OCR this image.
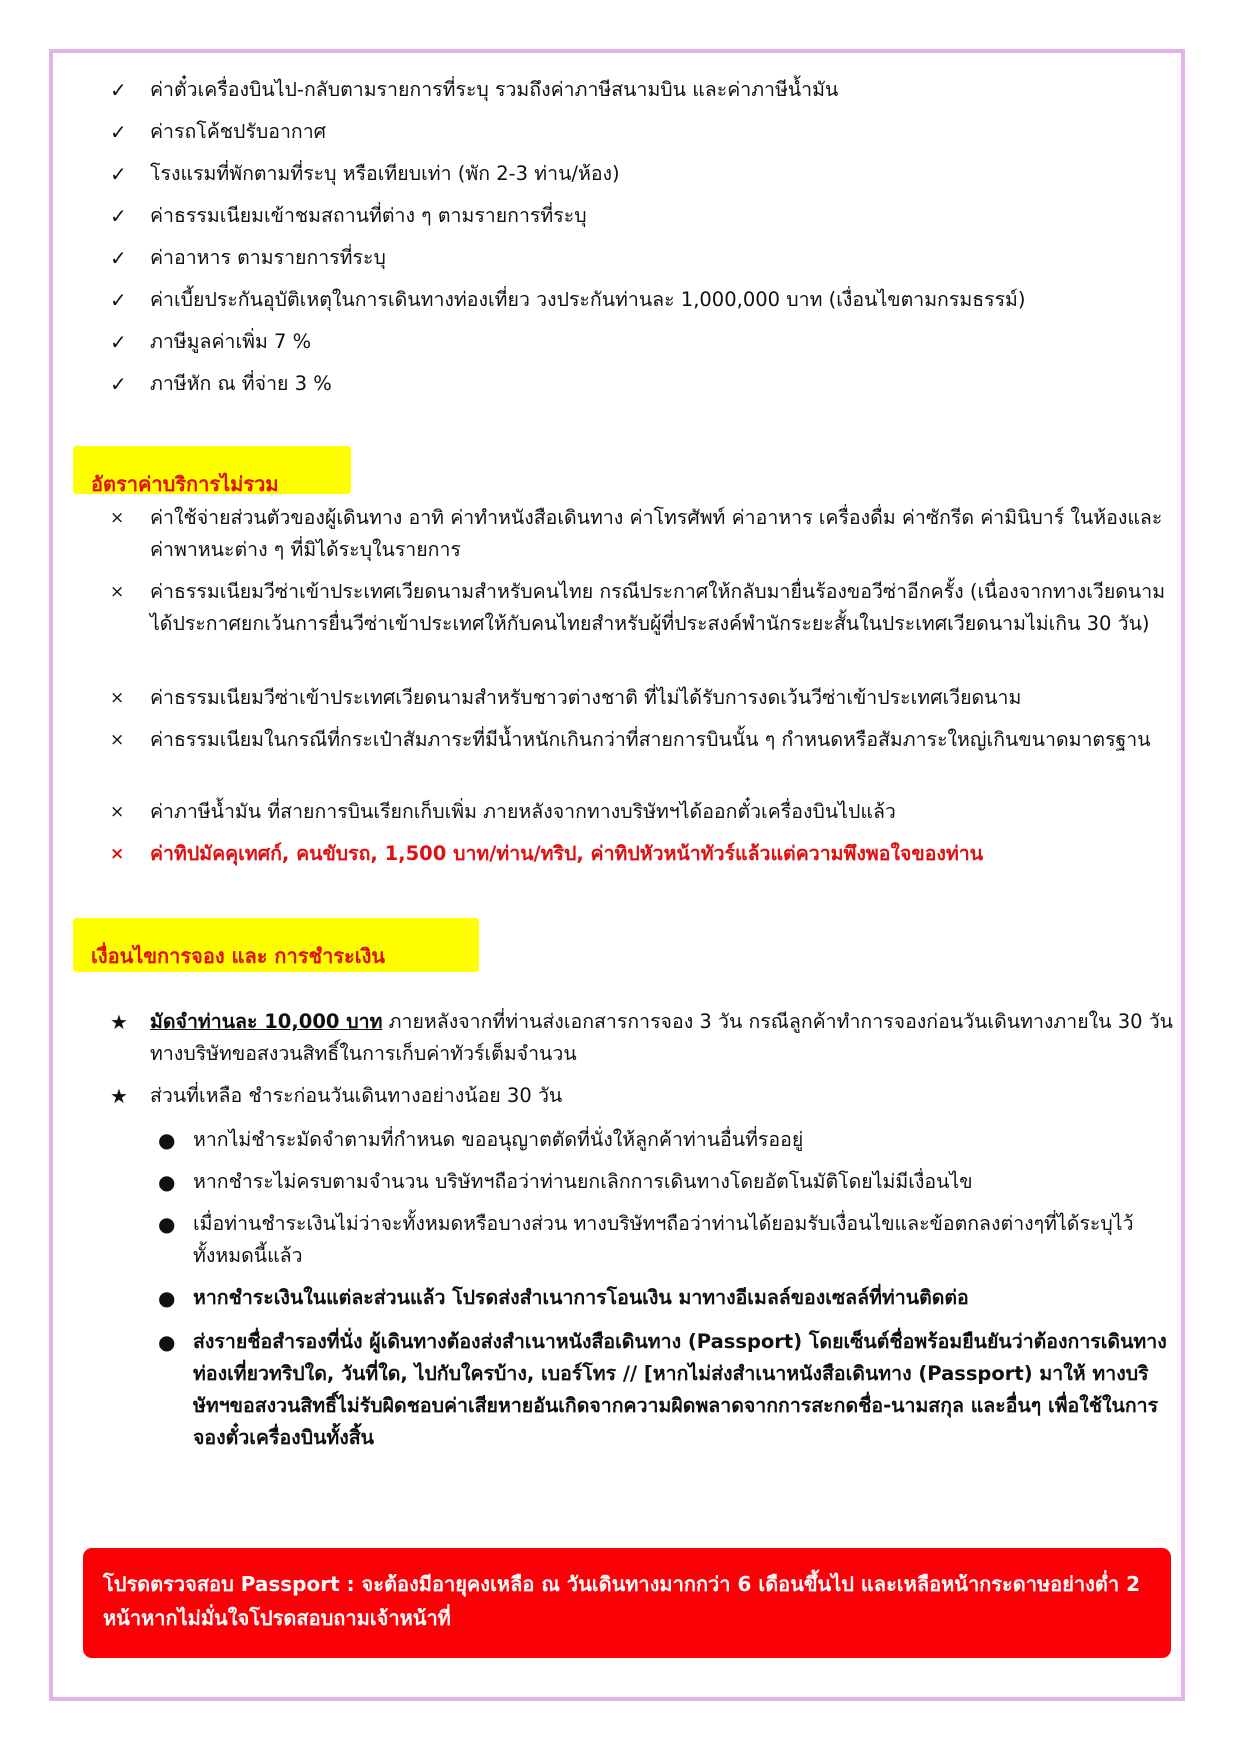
✓	ค่าตั๋วเครื่องบินไป-กลับตามรายการที่ระบุ รวมถึงค่าภาษีสนามบิน และค่าภาษีน้ำมัน
✓	ค่ารถโค้ชปรับอากาศ
✓	โรงแรมที่พักตามที่ระบุ หรือเทียบเท่า (พัก 2-3 ท่าน/ห้อง)
✓	ค่าธรรมเนียมเข้าชมสถานที่ต่าง ๆ ตามรายการที่ระบุ
✓	ค่าอาหาร ตามรายการที่ระบุ
✓	ค่าเบี้ยประกันอุบัติเหตุในการเดินทางท่องเที่ยว วงประกันท่านละ 1,000,000 บาท (เงื่อนไขตามกรมธรรม์)
✓	ภาษีมูลค่าเพิ่ม 7 %
✓	ภาษีหัก ณ ที่จ่าย 3 %
อัตราค่าบริการไม่รวม
×	ค่าใช้จ่ายส่วนตัวของผู้เดินทาง อาทิ ค่าทำหนังสือเดินทาง ค่าโทรศัพท์ ค่าอาหาร เครื่องดื่ม ค่าซักรีด ค่ามินิบาร์ ในห้องและค่าพาหนะต่าง ๆ ที่มิได้ระบุในรายการ
×	ค่าธรรมเนียมวีซ่าเข้าประเทศเวียดนามสำหรับคนไทย กรณีประกาศให้กลับมายื่นร้องขอวีซ่าอีกครั้ง (เนื่องจากทางเวียดนามได้ประกาศยกเว้นการยื่นวีซ่าเข้าประเทศให้กับคนไทยสำหรับผู้ที่ประสงค์พำนักระยะสั้นในประเทศเวียดนามไม่เกิน 30 วัน)
×	ค่าธรรมเนียมวีซ่าเข้าประเทศเวียดนามสำหรับชาวต่างชาติ ที่ไม่ได้รับการงดเว้นวีซ่าเข้าประเทศเวียดนาม
×	ค่าธรรมเนียมในกรณีที่กระเป๋าสัมภาระที่มีน้ำหนักเกินกว่าที่สายการบินนั้น ๆ กำหนดหรือสัมภาระใหญ่เกินขนาดมาตรฐาน
×	ค่าภาษีน้ำมัน ที่สายการบินเรียกเก็บเพิ่ม ภายหลังจากทางบริษัทฯได้ออกตั๋วเครื่องบินไปแล้ว
×	ค่าทิปมัคคุเทศก์, คนขับรถ, 1,500 บาท/ท่าน/ทริป, ค่าทิปหัวหน้าทัวร์แล้วแต่ความพึงพอใจของท่าน
เงื่อนไขการจอง และ การชำระเงิน
★	มัดจำท่านละ 10,000 บาท ภายหลังจากที่ท่านส่งเอกสารการจอง 3 วัน กรณีลูกค้าทำการจองก่อนวันเดินทางภายใน 30 วัน ทางบริษัทขอสงวนสิทธิ์ในการเก็บค่าทัวร์เต็มจำนวน
★	ส่วนที่เหลือ ชำระก่อนวันเดินทางอย่างน้อย 30 วัน
● หากไม่ชำระมัดจำตามที่กำหนด ขออนุญาตตัดที่นั่งให้ลูกค้าท่านอื่นที่รออยู่
● หากชำระไม่ครบตามจำนวน บริษัทฯถือว่าท่านยกเลิกการเดินทางโดยอัตโนมัติโดยไม่มีเงื่อนไข
● เมื่อท่านชำระเงินไม่ว่าจะทั้งหมดหรือบางส่วน ทางบริษัทฯถือว่าท่านได้ยอมรับเงื่อนไขและข้อตกลงต่างๆที่ได้ระบุไว้ทั้งหมดนี้แล้ว
● หากชำระเงินในแต่ละส่วนแล้ว โปรดส่งสำเนาการโอนเงิน มาทางอีเมลล์ของเซลล์ที่ท่านติดต่อ
● ส่งรายชื่อสำรองที่นั่ง ผู้เดินทางต้องส่งสำเนาหนังสือเดินทาง (Passport) โดยเซ็นต์ชื่อพร้อมยืนยันว่าต้องการเดินทางท่องเที่ยวทริปใด, วันที่ใด, ไปกับใครบ้าง, เบอร์โทร // [หากไม่ส่งสำเนาหนังสือเดินทาง (Passport) มาให้ ทางบริษัทฯขอสงวนสิทธิ์ไม่รับผิดชอบค่าเสียหายอันเกิดจากความผิดพลาดจากการสะกดชื่อ-นามสกุล และอื่นๆ เพื่อใช้ในการจองตั๋วเครื่องบินทั้งสิ้น
โปรดตรวจสอบ Passport : จะต้องมีอายุคงเหลือ ณ วันเดินทางมากกว่า 6 เดือนขึ้นไป และเหลือหน้ากระดาษอย่างต่ำ 2 หน้าหากไม่มั่นใจโปรดสอบถามเจ้าหน้าที่
